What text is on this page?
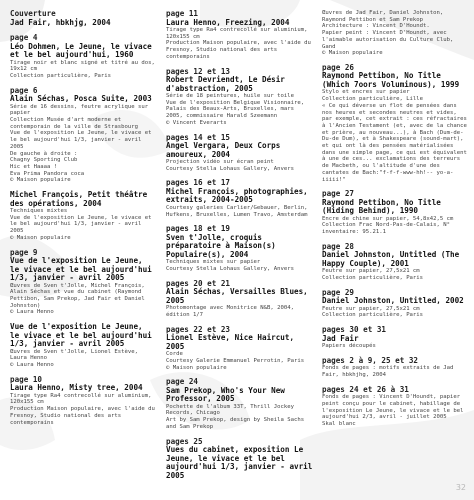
Couverture
Jad Fair, hbkhjg, 2004
page 4
Léo Dohmen, Le Jeune, le vivace et le bel aujourd'hui, 1960
Tirage noir et blanc signé et titré au dos, 19x12 cm
Collection particulière, Paris
page 6
Alain Séchas, Posca Suite, 2003
Série de 16 dessins, feutre acrylique sur papier
Collection Musée d'art moderne et contemporain de la ville de Strasbourg
Vue de l'exposition Le Jeune, le vivace et le bel aujourd'hui 1/3, janvier - avril 2005
De gauche à droite :
Chagny Sporting Club
Hic et Haaaa !
Eva Prima Pandora coca
© Maison populaire
Michel François, Petit théâtre des opérations, 2004
Techniques mixtes
Vue de l'exposition Le Jeune, le vivace et le bel aujourd'hui 1/3, janvier - avril 2005
© Maison populaire
page 9
Vue de l'exposition Le Jeune, le vivace et le bel aujourd'hui 1/3, janvier - avril 2005
Œuvres de Sven t'Jolle, Michel François, Alain Séchas et vue du cabinet (Raymond Pettibon, Sam Prekop, Jad Fair et Daniel Johnston)
© Laura Henno
Vue de l'exposition Le Jeune, le vivace et le bel aujourd'hui 1/3, janvier - avril 2005
Œuvres de Sven t'Jolle, Lionel Estève, Laura Henno
© Laura Henno
page 10
Laura Henno, Misty tree, 2004
Tirage type Ra4 contrecollé sur aluminium, 120x155 cm
Production Maison populaire, avec l'aide du Fresnoy, Studio national des arts contemporains
page 11
Laura Henno, Freezing, 2004
Tirage type Ra4 contrecollé sur aluminium, 120x155 cm
Production Maison populaire, avec l'aide du Fresnoy, Studio national des arts contemporains
pages 12 et 13
Robert Devriendt, Le Désir d'abstraction, 2005
Série de 18 peintures, huile sur toile
Vue de l'exposition Belgique Visionnaire, Palais des Beaux-Arts, Bruxelles, mars 2005, commissaire Harald Szeemann
© Vincent Everarts
pages 14 et 15
Angel Vergara, Deux Corps amoureux, 2004
Projection vidéo sur écran peint
Courtesy Stella Lohaus Gallery, Anvers
pages 16 et 17
Michel François, photographies, extraits, 2004-2005
Courtesy galeries Carlier/Gebauer, Berlin, Hufkens, Bruxelles, Lumen Travo, Amsterdam
pages 18 et 19
Sven t'Jolle, croquis préparatoire à Maison(s) Populaire(s), 2004
Techniques mixtes sur papier
Courtesy Stella Lohaus Gallery, Anvers
pages 20 et 21
Alain Séchas, Versailles Blues, 2005
Photomontage avec Monitrice N&B, 2004, édition 1/7
pages 22 et 23
Lionel Estève, Nice Haircut, 2005
Corde
Courtesy Galerie Emmanuel Perrotin, Paris
© Maison populaire
page 24
Sam Prekop, Who's Your New Professor, 2005
Pochette de l'album 33T, Thrill Jockey Records, Chicago
Art by Sam Prekop, design by Sheila Sachs and Sam Prekop
pages 25
Vues du cabinet, exposition Le Jeune, le vivace et le bel aujourd'hui 1/3, janvier - avril 2005
Œuvres de Jad Fair, Daniel Johnston, Raymond Pettibon et Sam Prekop
Architecture : Vincent D'Houndt.
Papier peint : Vincent D'Houndt, avec l'aimable autorisation du Culture Club, Gand
© Maison populaire
page 26
Raymond Pettibon, No Title (Which 7oors Voluminous), 1999
Stylo et encres sur papier
Collection particulière, Lille
« Ce qui déverse un flot de pensées dans nos heures et secondes neutres et vides, par exemple, cet extrait : ces réfractaires à l'Ancien Testament (et, avec de la chance et prière, au nouveau...), à Bach (Dum-de-Du-de Dum), et à Shakespeare (sound-mart), et qui ont là des pensées matérialisées dans une simple page, ce qui est équivalent à une de ces... exclamations des terreurs de Macbeth, ou l'altitude d'une des cantates de Bach:"f-f-f-www-hh!-- yo-a-iiiii!"
page 27
Raymond Pettibon, No Title (Hiding Behind), 1990
Encre de chine sur papier, 54,8x42,5 cm
Collection Frac Nord-Pas-de-Calais, N° inventaire: 95.21.1
page 28
Daniel Johnston, Untitled (The Happy Couple), 2001
Feutre sur papier, 27,5x21 cm
Collection particulière, Paris
page 29
Daniel Johnston, Untitled, 2002
Feutre sur papier, 27,5x21 cm
Collection particulière, Paris
pages 30 et 31
Jad Fair
Papiers découpés
pages 2 à 9, 25 et 32
Fonds de pages : motifs extraits de Jad Fair, hbkhjhg, 2004
pages 24 et 26 à 31
Fonds de pages : Vincent D'Houndt, papier peint conçu pour le cabinet, habillage de l'exposition Le Jeune, le vivace et le bel aujourd'hui 2/3, avril - juillet 2005
Skal blanc
32
